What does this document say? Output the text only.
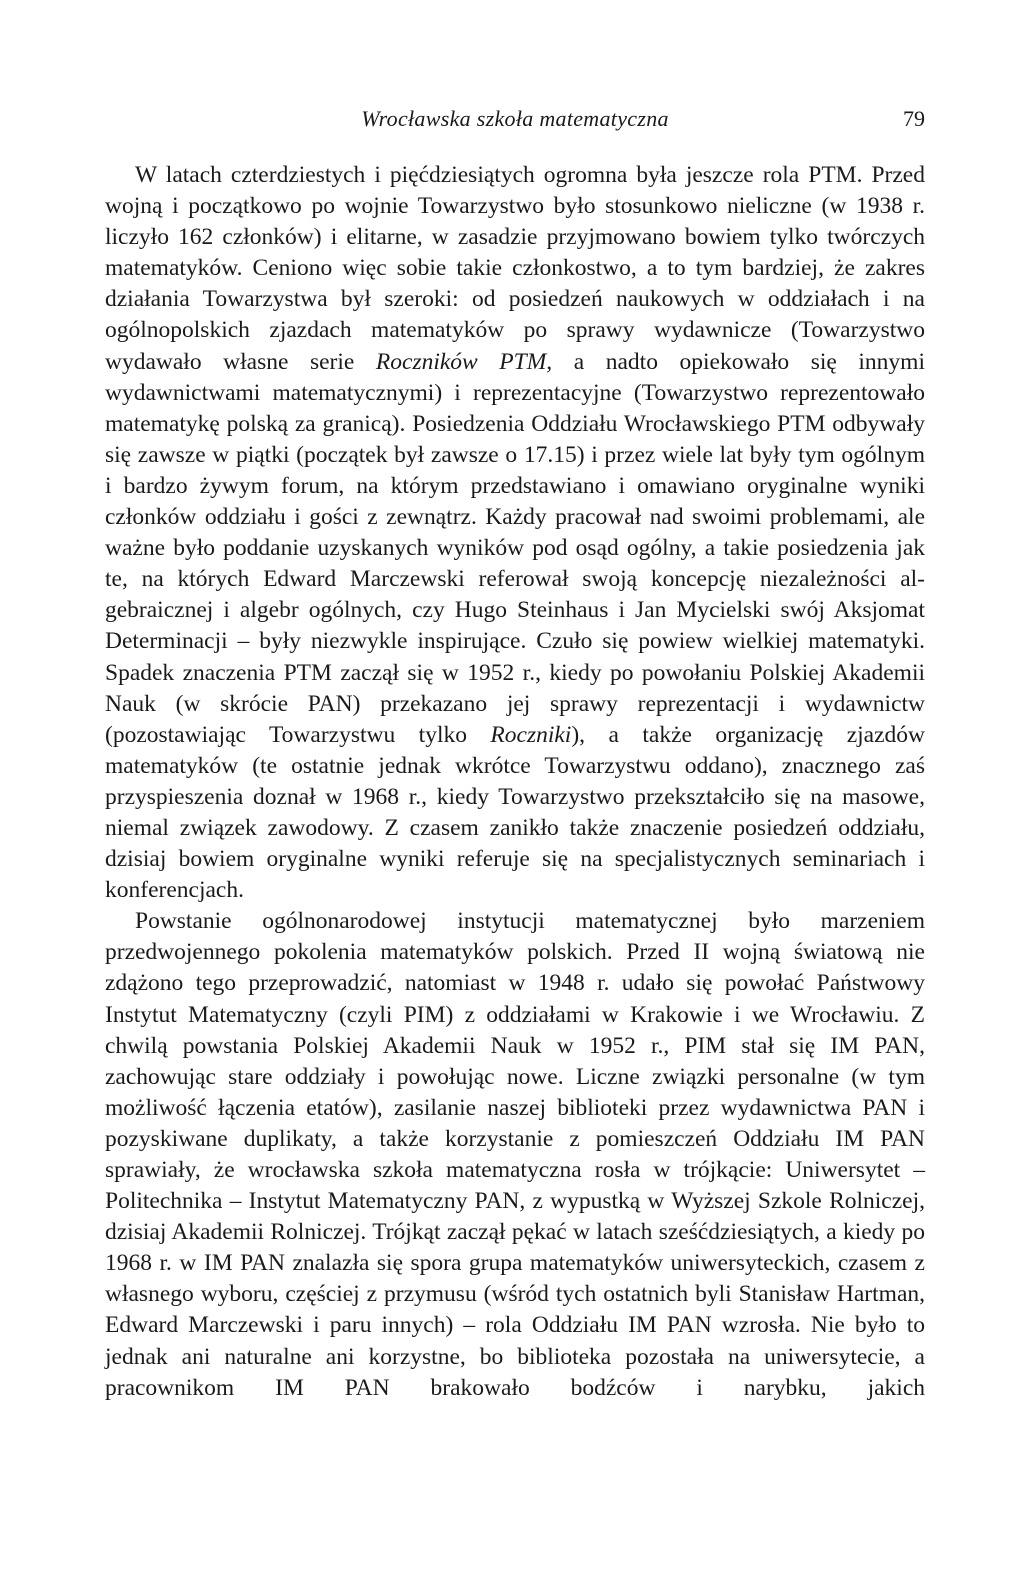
Wrocławska szkoła matematyczna	79

W latach czterdziestych i pięćdziesiątych ogromna była jeszcze rola PTM. Przed wojną i początkowo po wojnie Towarzystwo było stosunkowo nieliczne (w 1938 r. liczyło 162 członków) i elitarne, w zasadzie przyjmowano bowiem tylko twórczych matematyków. Ceniono więc sobie takie członkostwo, a to tym bardziej, że zakres działania Towarzystwa był szeroki: od posiedzeń naukowych w oddziałach i na ogólnopolskich zjazdach matematyków po sprawy wydawnicze (Towarzystwo wydawało własne serie Roczników PTM, a nadto opiekowało się innymi wydawnictwami matematycznymi) i reprezentacyjne (Towarzystwo reprezentowało matematykę polską za granicą). Posiedzenia Oddziału Wrocławskiego PTM odbywały się zawsze w piątki (początek był zawsze o 17.15) i przez wiele lat były tym ogólnym i bardzo żywym forum, na którym przedstawiano i omawiano oryginalne wyniki członków oddziału i gości z zewnątrz. Każdy pracował nad swoimi problemami, ale ważne było poddanie uzyskanych wyników pod osąd ogólny, a takie posiedzenia jak te, na których Edward Marczewski referował swoją koncepcję niezależności algebraicznej i algebr ogólnych, czy Hugo Steinhaus i Jan Mycielski swój Aksjomat Determinacji – były niezwykle inspirujące. Czuło się powiew wielkiej matematyki. Spadek znaczenia PTM zaczął się w 1952 r., kiedy po powołaniu Polskiej Akademii Nauk (w skrócie PAN) przekazano jej sprawy reprezentacji i wydawnictw (pozostawiając Towarzystwu tylko Roczniki), a także organizację zjazdów matematyków (te ostatnie jednak wkrótce Towarzystwu oddano), znacznego zaś przyspieszenia doznał w 1968 r., kiedy Towarzystwo przekształciło się na masowe, niemal związek zawodowy. Z czasem zanikło także znaczenie posiedzeń oddziału, dzisiaj bowiem oryginalne wyniki referuje się na specjalistycznych seminariach i konferencjach.

Powstanie ogólnonarodowej instytucji matematycznej było marzeniem przedwojennego pokolenia matematyków polskich. Przed II wojną światową nie zdążono tego przeprowadzić, natomiast w 1948 r. udało się powołać Państwowy Instytut Matematyczny (czyli PIM) z oddziałami w Krakowie i we Wrocławiu. Z chwilą powstania Polskiej Akademii Nauk w 1952 r., PIM stał się IM PAN, zachowując stare oddziały i powołując nowe. Liczne związki personalne (w tym możliwość łączenia etatów), zasilanie naszej biblioteki przez wydawnictwa PAN i pozyskiwane duplikaty, a także korzystanie z pomieszczeń Oddziału IM PAN sprawiały, że wrocławska szkoła matematyczna rosła w trójkącie: Uniwersytet – Politechnika – Instytut Matematyczny PAN, z wypustką w Wyższej Szkole Rolniczej, dzisiaj Akademii Rolniczej. Trójkąt zaczął pękać w latach sześćdziesiątych, a kiedy po 1968 r. w IM PAN znalazła się spora grupa matematyków uniwersyteckich, czasem z własnego wyboru, częściej z przymusu (wśród tych ostatnich byli Stanisław Hartman, Edward Marczewski i paru innych) – rola Oddziału IM PAN wzrosła. Nie było to jednak ani naturalne ani korzystne, bo biblioteka pozostała na uniwersytecie, a pracownikom IM PAN brakowało bodźców i narybku, jakich
